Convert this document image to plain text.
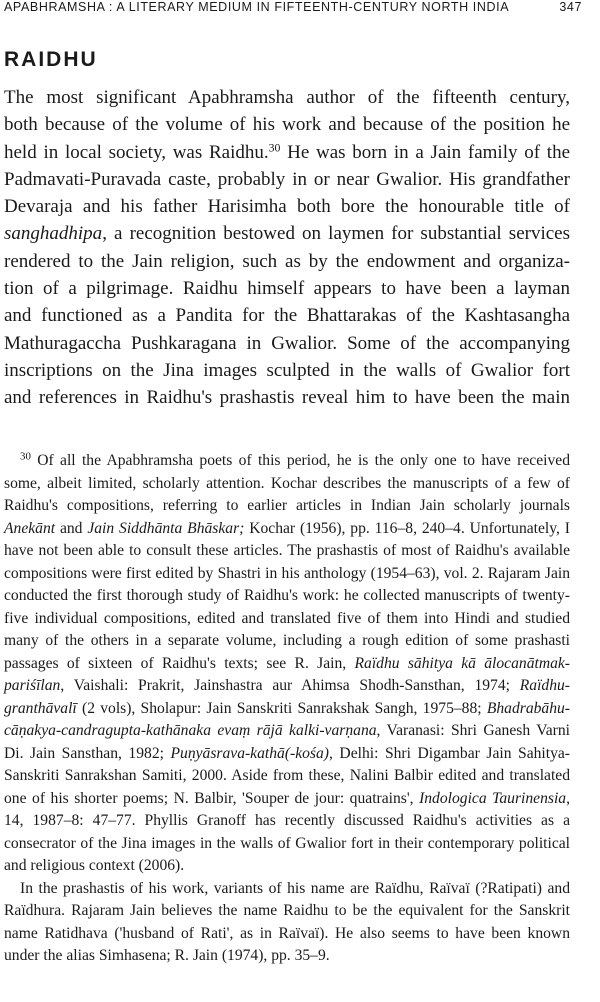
APABHRAMSHA : A LITERARY MEDIUM IN FIFTEENTH-CENTURY NORTH INDIA	347
RAIDHU
The most significant Apabhramsha author of the fifteenth century,
both because of the volume of his work and because of the position he
held in local society, was Raidhu.$^{30}$ He was born in a Jain family of the
Padmavati-Puravada caste, probably in or near Gwalior. His grandfather
Devaraja and his father Harisimha both bore the honourable title of
sanghadhipa, a recognition bestowed on laymen for substantial services
rendered to the Jain religion, such as by the endowment and organiza-
tion of a pilgrimage. Raidhu himself appears to have been a layman
and functioned as a Pandita for the Bhattarakas of the Kashtasangha
Mathuragaccha Pushkaragana in Gwalior. Some of the accompanying
inscriptions on the Jina images sculpted in the walls of Gwalior fort
and references in Raidhu's prashastis reveal him to have been the main

$^{30}$ Of all the Apabhramsha poets of this period, he is the only one to have received some, albeit limited, scholarly attention. Kochar describes the manuscripts of a few of Raidhu's compositions, referring to earlier articles in Indian Jain scholarly journals Anekānt and Jain Siddhānta Bhāskar; Kochar (1956), pp. 116–8, 240–4. Unfortunately, I have not been able to consult these articles. The prashastis of most of Raidhu's available compositions were first edited by Shastri in his anthology (1954–63), vol. 2. Rajaram Jain conducted the first thorough study of Raidhu's work: he collected manuscripts of twenty-five individual compositions, edited and translated five of them into Hindi and studied many of the others in a separate volume, including a rough edition of some prashasti passages of sixteen of Raidhu's texts; see R. Jain, Raïdhu sāhitya kā ālocanātmak-pariśīlan, Vaishali: Prakrit, Jainshastra aur Ahimsa Shodh-Sansthan, 1974; Raïdhu-granthāvalī (2 vols), Sholapur: Jain Sanskriti Sanrakshak Sangh, 1975–88; Bhadrabāhu-cāṇakya-candragupta-kathānaka evaṃ rājā kalki-varṇana, Varanasi: Shri Ganesh Varni Di. Jain Sansthan, 1982; Puṇyāsrava-kathā(-kośa), Delhi: Shri Digambar Jain Sahitya-Sanskriti Sanrakshan Samiti, 2000. Aside from these, Nalini Balbir edited and translated one of his shorter poems; N. Balbir, 'Souper de jour: quatrains', Indologica Taurinensia, 14, 1987–8: 47–77. Phyllis Granoff has recently discussed Raidhu's activities as a consecrator of the Jina images in the walls of Gwalior fort in their contemporary political and religious context (2006).

In the prashastis of his work, variants of his name are Raïdhu, Raïvaï (?Ratipati) and Raïdhura. Rajaram Jain believes the name Raidhu to be the equivalent for the Sanskrit name Ratidhava ('husband of Rati', as in Raïvaï). He also seems to have been known under the alias Simhasena; R. Jain (1974), pp. 35–9.
